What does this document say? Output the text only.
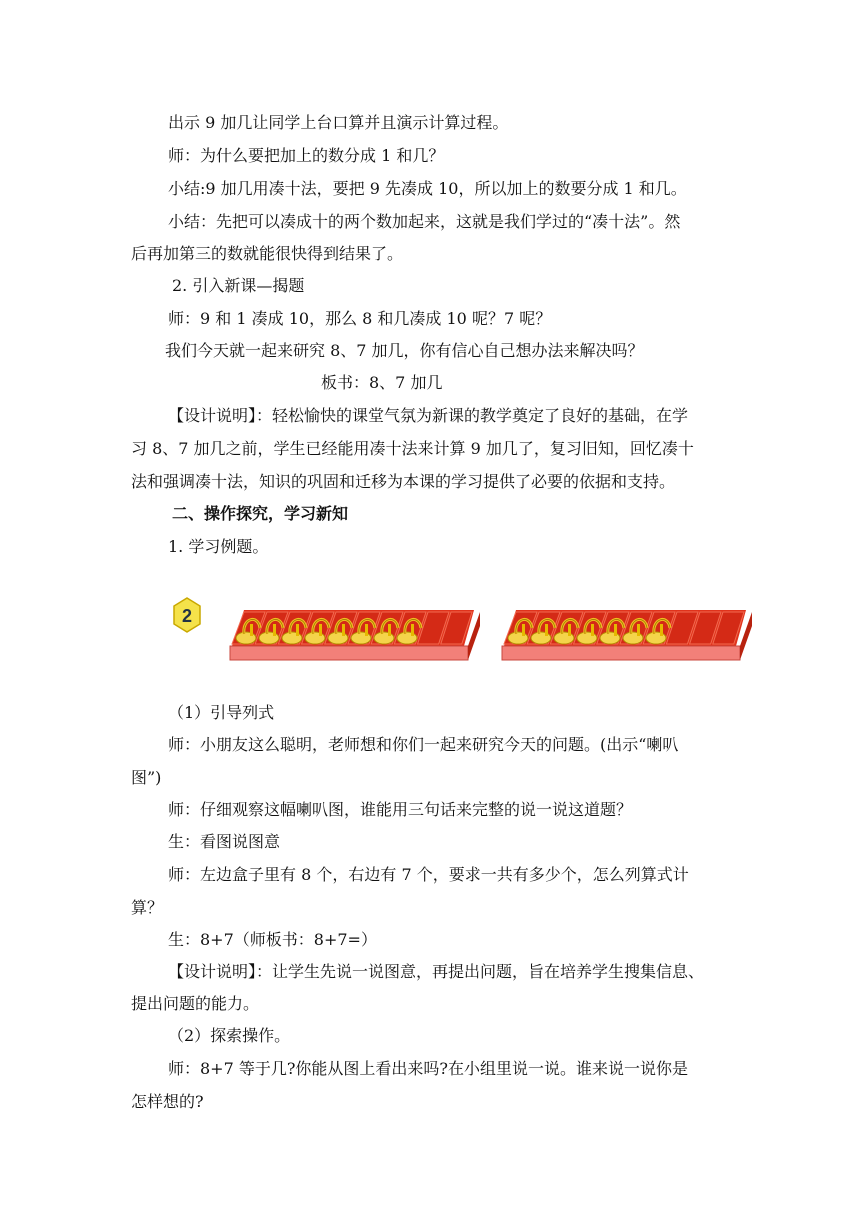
出示 9 加几让同学上台口算并且演示计算过程。
师：为什么要把加上的数分成 1 和几？
小结:9 加几用凑十法，要把 9 先凑成 10，所以加上的数要分成 1 和几。
小结：先把可以凑成十的两个数加起来，这就是我们学过的“凑十法”。然
后再加第三的数就能很快得到结果了。
2. 引入新课—揭题
师：9 和 1 凑成 10，那么 8 和几凑成 10 呢？7 呢？
我们今天就一起来研究 8、7 加几，你有信心自己想办法来解决吗？
板书：8、7 加几
【设计说明】：轻松愉快的课堂气氛为新课的教学奠定了良好的基础，在学
习 8、7 加几之前，学生已经能用凑十法来计算 9 加几了，复习旧知，回忆凑十
法和强调凑十法，知识的巩固和迁移为本课的学习提供了必要的依据和支持。
二、操作探究，学习新知
1. 学习例题。
2
（1）引导列式
师：小朋友这么聪明，老师想和你们一起来研究今天的问题。(出示“喇叭
图”)
师：仔细观察这幅喇叭图，谁能用三句话来完整的说一说这道题？
生：看图说图意
师：左边盒子里有 8 个，右边有 7 个，要求一共有多少个，怎么列算式计
算？
生：8+7（师板书：8+7=）
【设计说明】：让学生先说一说图意，再提出问题，旨在培养学生搜集信息、
提出问题的能力。
（2）探索操作。
师：8+7 等于几?你能从图上看出来吗?在小组里说一说。谁来说一说你是
怎样想的?
